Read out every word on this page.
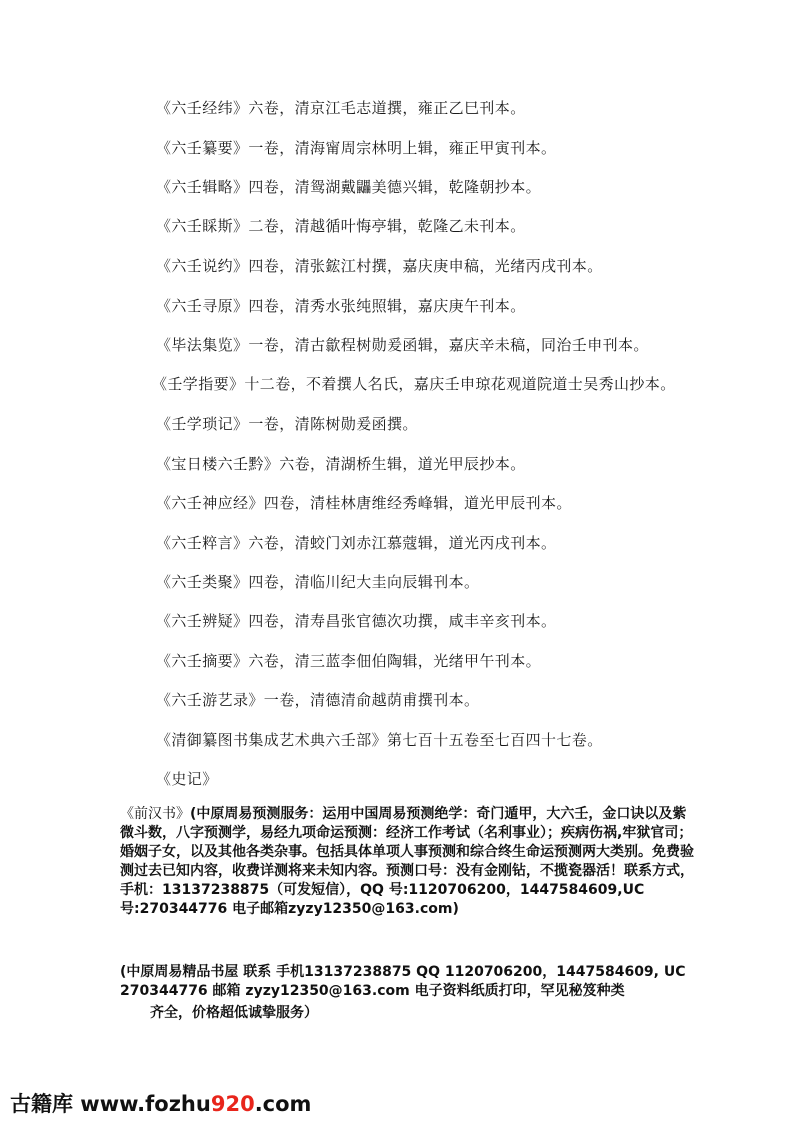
《六壬经纬》六卷，清京江毛志道撰，雍正乙巳刊本。
《六壬纂要》一卷，清海甯周宗林明上辑，雍正甲寅刊本。
《六壬辑略》四卷，清鸳湖戴鼺美德兴辑，乾隆朝抄本。
《六壬睬斯》二卷，清越循叶悔亭辑，乾隆乙未刊本。
《六壬说约》四卷，清张鋐江村撰，嘉庆庚申稿，光绪丙戌刊本。
《六壬寻原》四卷，清秀水张纯照辑，嘉庆庚午刊本。
《毕法集览》一卷，清古歙程树勋爰函辑，嘉庆辛未稿，同治壬申刊本。
《壬学指要》十二卷，不着撰人名氏，嘉庆壬申琼花观道院道士吴秀山抄本。
《壬学琐记》一卷，清陈树勋爰函撰。
《宝日楼六壬黔》六卷，清湖桥生辑，道光甲辰抄本。
《六壬神应经》四卷，清桂林唐维经秀峰辑，道光甲辰刊本。
《六壬粹言》六卷，清蛟门刘赤江慕蔻辑，道光丙戌刊本。
《六壬类聚》四卷，清临川纪大圭向辰辑刊本。
《六壬辨疑》四卷，清寿昌张官德次功撰，咸丰辛亥刊本。
《六壬摘要》六卷，清三蓝李佃伯陶辑，光绪甲午刊本。
《六壬游艺录》一卷，清德清俞越荫甫撰刊本。
《清御纂图书集成艺术典六壬部》第七百十五卷至七百四十七卷。
《史记》
《前汉书》(中原周易预测服务：运用中国周易预测绝学：奇门遁甲，大六壬，金口诀以及紫微斗数，八字预测学，易经九项命运预测：经济工作考试（名利事业）；疾病伤祸,牢狱官司；婚姻子女，以及其他各类杂事。包括具体单项人事预测和综合终生命运预测两大类别。免费验测过去已知内容，收费详测将来未知内容。预测口号：没有金刚钻，不揽瓷器活！联系方式，手机：13137238875（可发短信），QQ 号:1120706200，1447584609,UC 号:270344776 电子邮箱zyzy12350@163.com)
(中原周易精品书屋 联系 手机13137238875 QQ 1120706200，1447584609, UC 270344776 邮箱 zyzy12350@163.com 电子资料纸质打印，罕见秘笈种类
齐全，价格超低诚挚服务）
古籍库 www.fozhu920.com
